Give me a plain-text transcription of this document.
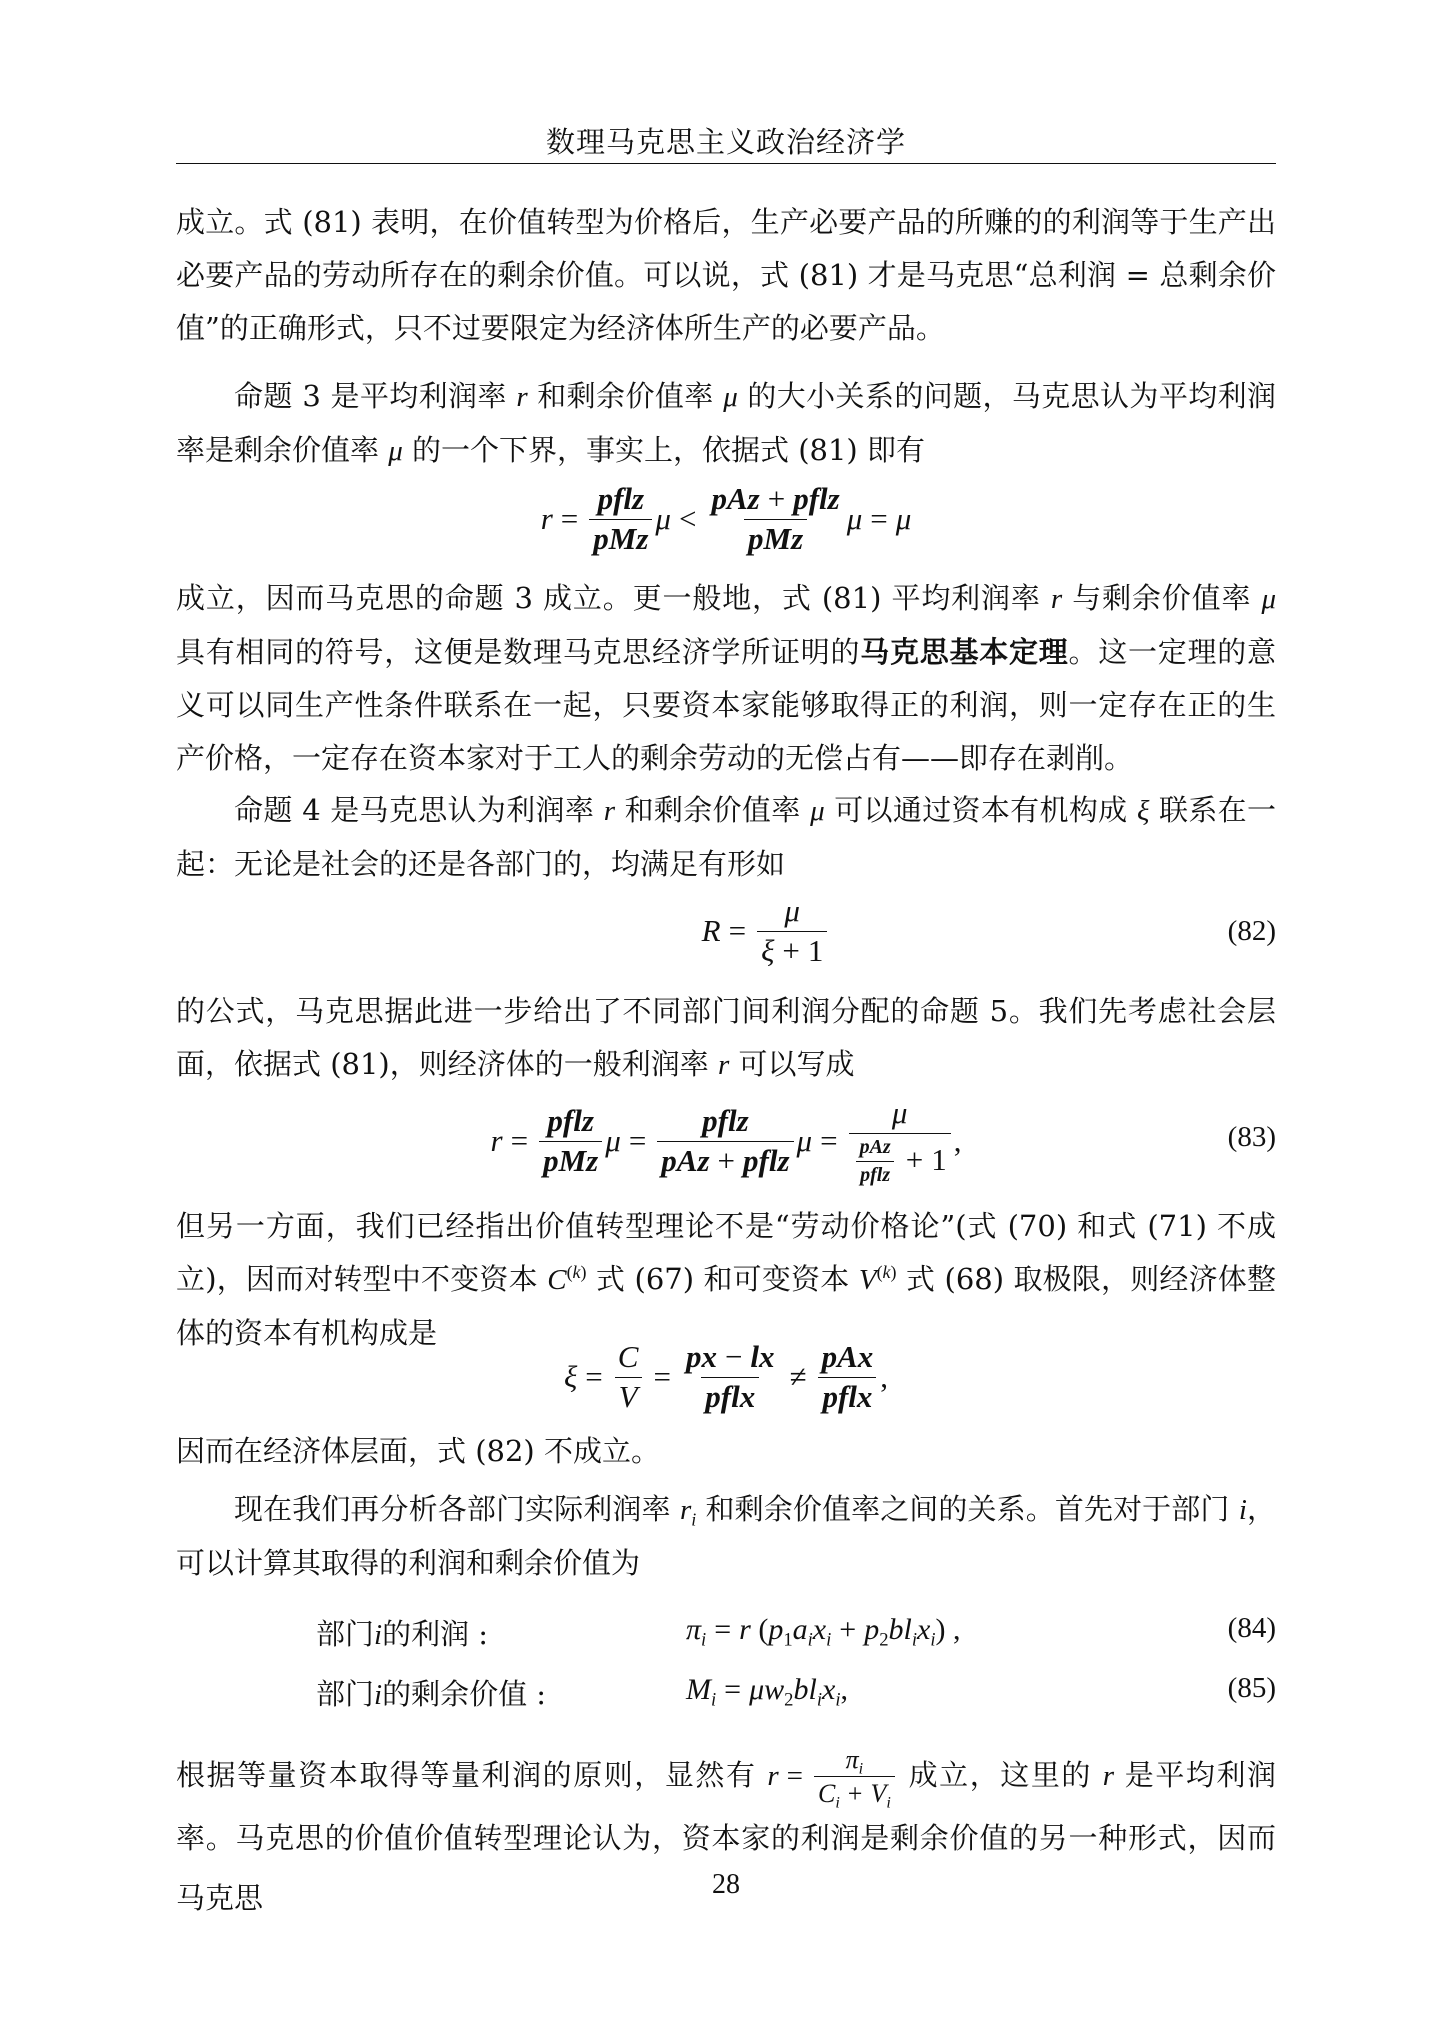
数理马克思主义政治经济学

成立。式 (81) 表明，在价值转型为价格后，生产必要产品的所赚的的利润等于生产出必要产品的劳动所存在的剩余价值。可以说，式 (81) 才是马克思“总利润 = 总剩余价值”的正确形式，只不过要限定为经济体所生产的必要产品。

命题 3 是平均利润率 r 和剩余价值率 μ 的大小关系的问题，马克思认为平均利润率是剩余价值率 μ 的一个下界，事实上，依据式 (81) 即有

$r = \frac{\text{pflz}}{\text{pMz}}$ $\mu < \frac{\text{pAz + pflz}}{\text{pMz}}$ μ = μ

成立，因而马克思的命题 3 成立。更一般地，式 (81) 平均利润率 r 与剩余价值率 μ 具有相同的符号，这便是数理马克思经济学所证明的马克思基本定理。这一定理的意义可以同生产性条件联系在一起，只要资本家能够取得正的利润，则一定存在正的生产价格，一定存在资本家对于工人的剩余劳动的无偿占有——即存在剥削。

命题 4 是马克思认为利润率 r 和剩余价值率 μ 可以通过资本有机构成 ξ 联系在一起：无论是社会的还是各部门的，均满足有形如

$R = \frac{\mu}{\xi + 1}$	(82)

的公式，马克思据此进一步给出了不同部门间利润分配的命题 5。我们先考虑社会层面，依据式 (81)，则经济体的一般利润率 r 可以写成

$r = \frac{\text{pflz}}{\text{pMz}}$ $\mu = \frac{\text{pflz}}{\text{pAz + pflz}}$ $\mu = \frac{\mu}{\frac{\text{pAz}}{\text{pflz}} + 1}$ ,	(83)

但另一方面，我们已经指出价值转型理论不是“劳动价格论”(式 (70) 和式 (71) 不成立)，因而对转型中不变资本 $C^{(k)}$ 式 (67) 和可变资本 $V^{(k)}$ 式 (68) 取极限，则经济体整体的资本有机构成是

$\xi = \frac{C}{V} = \frac{px - lx}{\text{pflx}} \ne \frac{\text{pAx}}{\text{pflx}}$ ,

因而在经济体层面，式 (82) 不成立。

现在我们再分析各部门实际利润率 $r_i$ 和剩余价值率之间的关系。首先对于部门 i，可以计算其取得的利润和剩余价值为

部门i的利润 :	$\pi_i = r$ $(p_1a_ix_i + p_2bl_ix_i)$ ,	(84)
部门i的剩余价值 :	$M_i = \mu w_2bl_ix_i$,	(85)

根据等量资本取得等量利润的原则，显然有 $r = \frac{\pi_i}{C_i + V_i}$ 成立，这里的 r 是平均利润率。马克思的价值价值转型理论认为，资本家的利润是剩余价值的另一种形式，因而马克思	28
